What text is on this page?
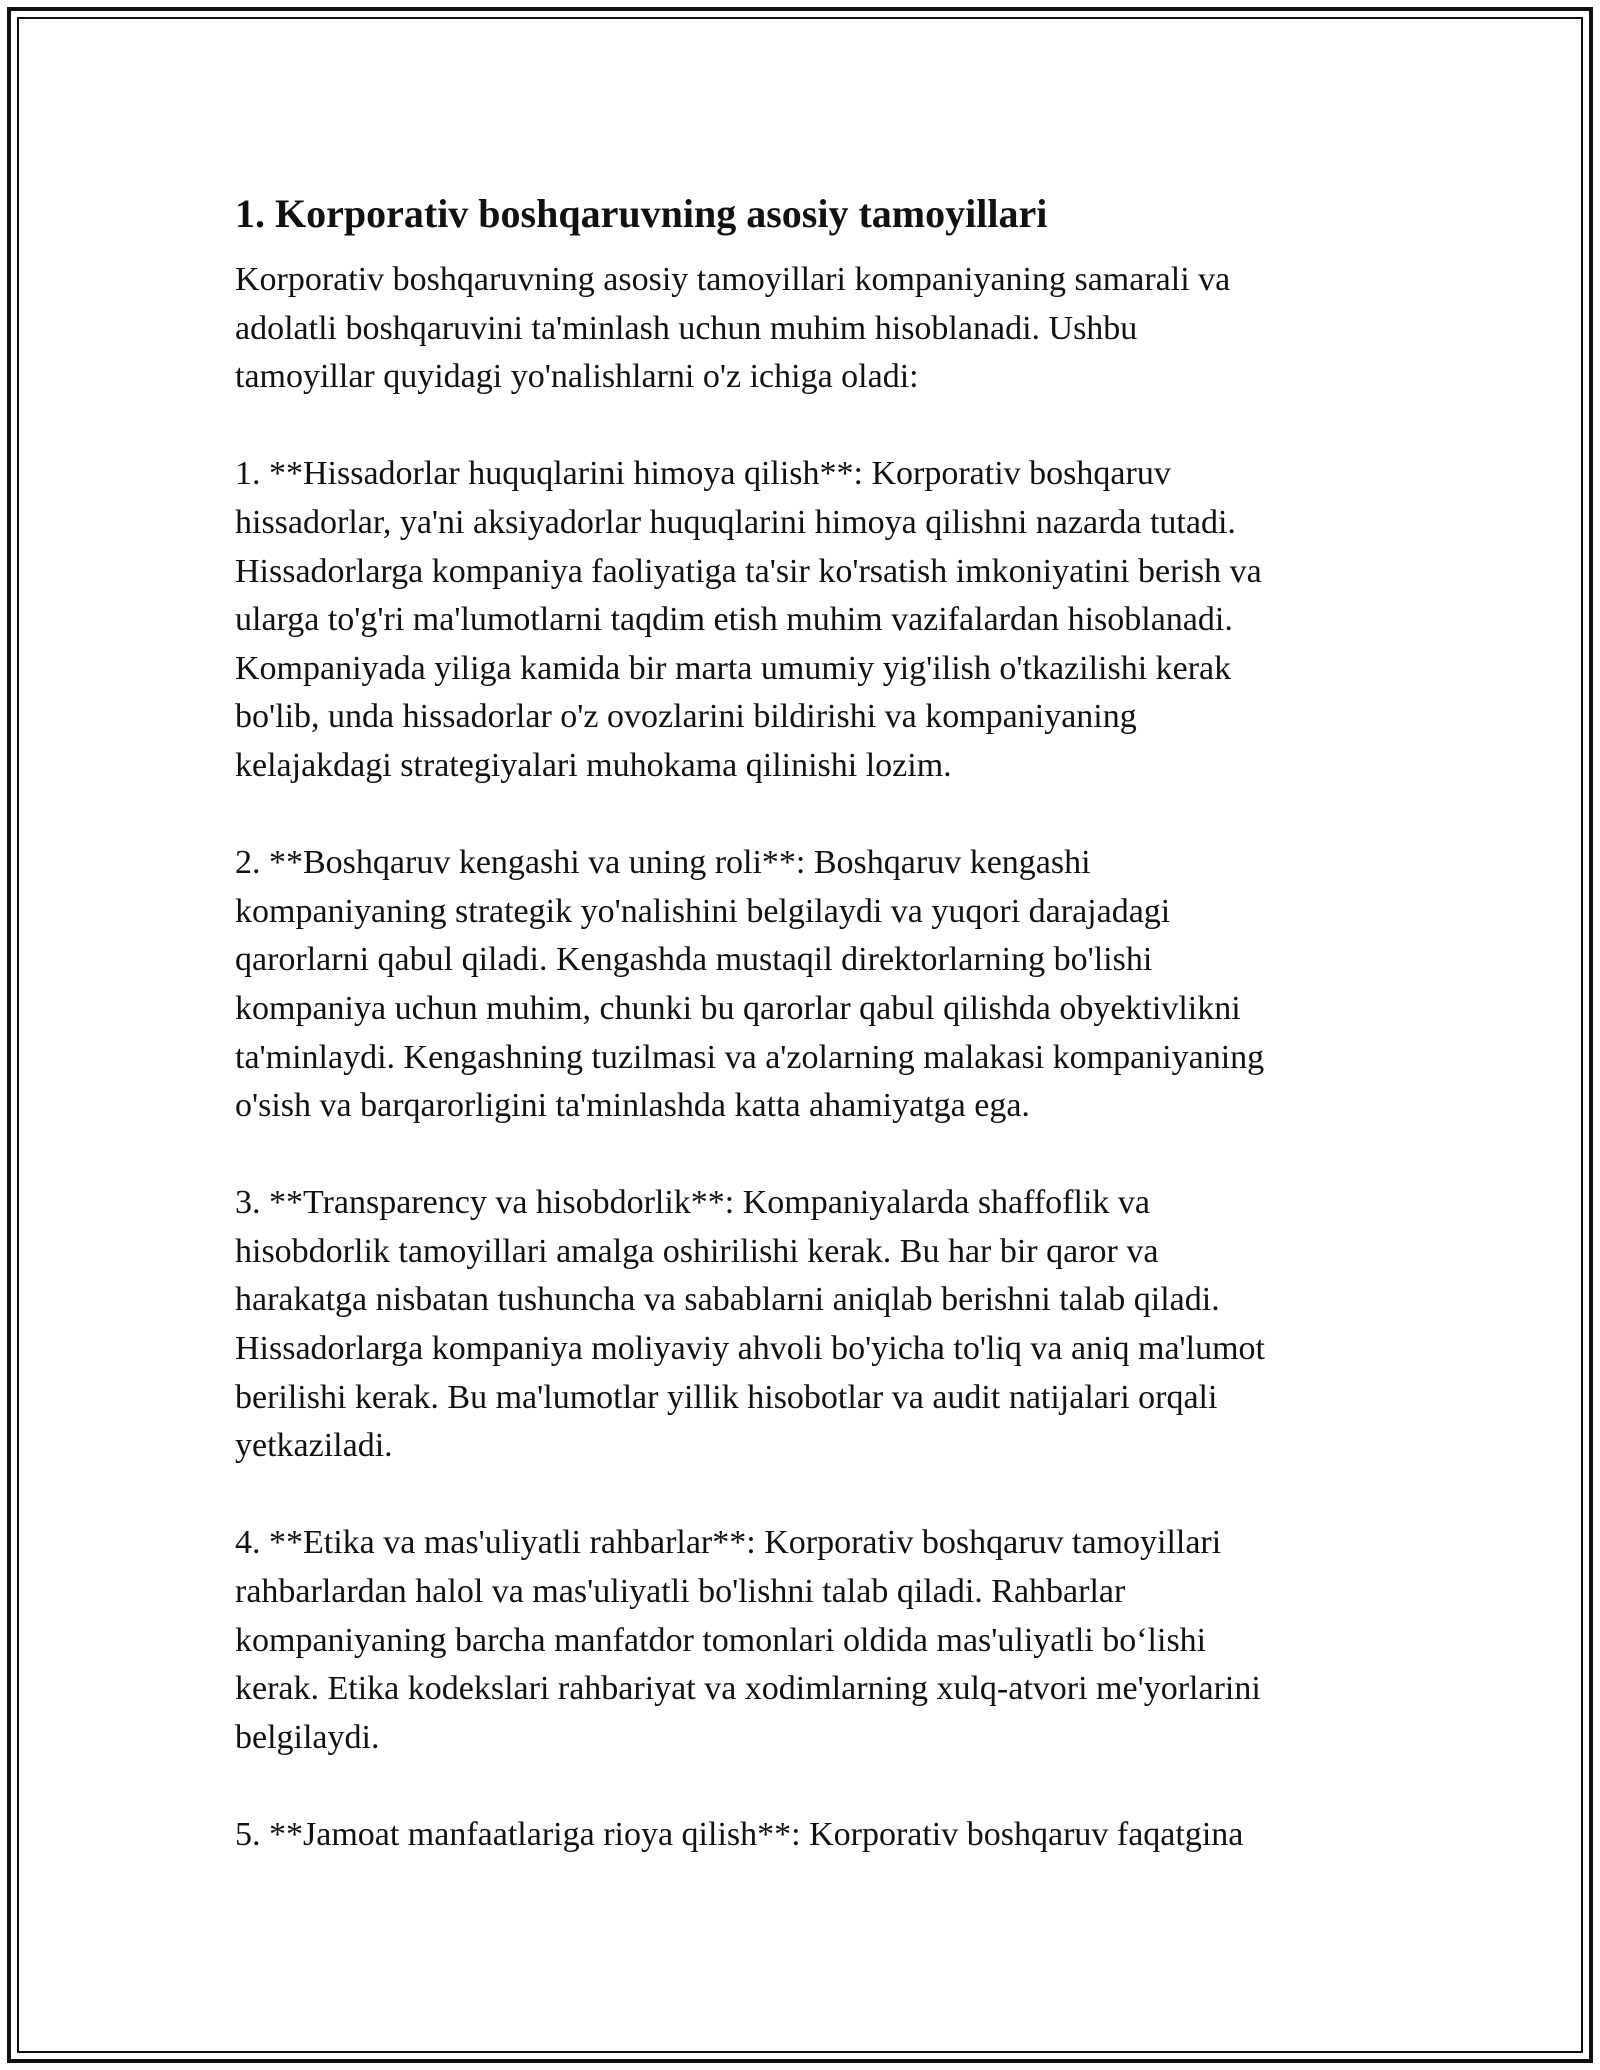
1. Korporativ boshqaruvning asosiy tamoyillari

Korporativ boshqaruvning asosiy tamoyillari kompaniyaning samarali va
adolatli boshqaruvini ta'minlash uchun muhim hisoblanadi. Ushbu
tamoyillar quyidagi yo'nalishlarni o'z ichiga oladi:

1. **Hissadorlar huquqlarini himoya qilish**: Korporativ boshqaruv
hissadorlar, ya'ni aksiyadorlar huquqlarini himoya qilishni nazarda tutadi.
Hissadorlarga kompaniya faoliyatiga ta'sir ko'rsatish imkoniyatini berish va
ularga to'g'ri ma'lumotlarni taqdim etish muhim vazifalardan hisoblanadi.
Kompaniyada yiliga kamida bir marta umumiy yig'ilish o'tkazilishi kerak
bo'lib, unda hissadorlar o'z ovozlarini bildirishi va kompaniyaning
kelajakdagi strategiyalari muhokama qilinishi lozim.

2. **Boshqaruv kengashi va uning roli**: Boshqaruv kengashi
kompaniyaning strategik yo'nalishini belgilaydi va yuqori darajadagi
qarorlarni qabul qiladi. Kengashda mustaqil direktorlarning bo'lishi
kompaniya uchun muhim, chunki bu qarorlar qabul qilishda obyektivlikni
ta'minlaydi. Kengashning tuzilmasi va a'zolarning malakasi kompaniyaning
o'sish va barqarorligini ta'minlashda katta ahamiyatga ega.

3. **Transparency va hisobdorlik**: Kompaniyalarda shaffoflik va
hisobdorlik tamoyillari amalga oshirilishi kerak. Bu har bir qaror va
harakatga nisbatan tushuncha va sabablarni aniqlab berishni talab qiladi.
Hissadorlarga kompaniya moliyaviy ahvoli bo'yicha to'liq va aniq ma'lumot
berilishi kerak. Bu ma'lumotlar yillik hisobotlar va audit natijalari orqali
yetkaziladi.

4. **Etika va mas'uliyatli rahbarlar**: Korporativ boshqaruv tamoyillari
rahbarlardan halol va mas'uliyatli bo'lishni talab qiladi. Rahbarlar
kompaniyaning barcha manfatdor tomonlari oldida mas'uliyatli bo‘lishi
kerak. Etika kodekslari rahbariyat va xodimlarning xulq-atvori me'yorlarini
belgilaydi.

5. **Jamoat manfaatlariga rioya qilish**: Korporativ boshqaruv faqatgina
